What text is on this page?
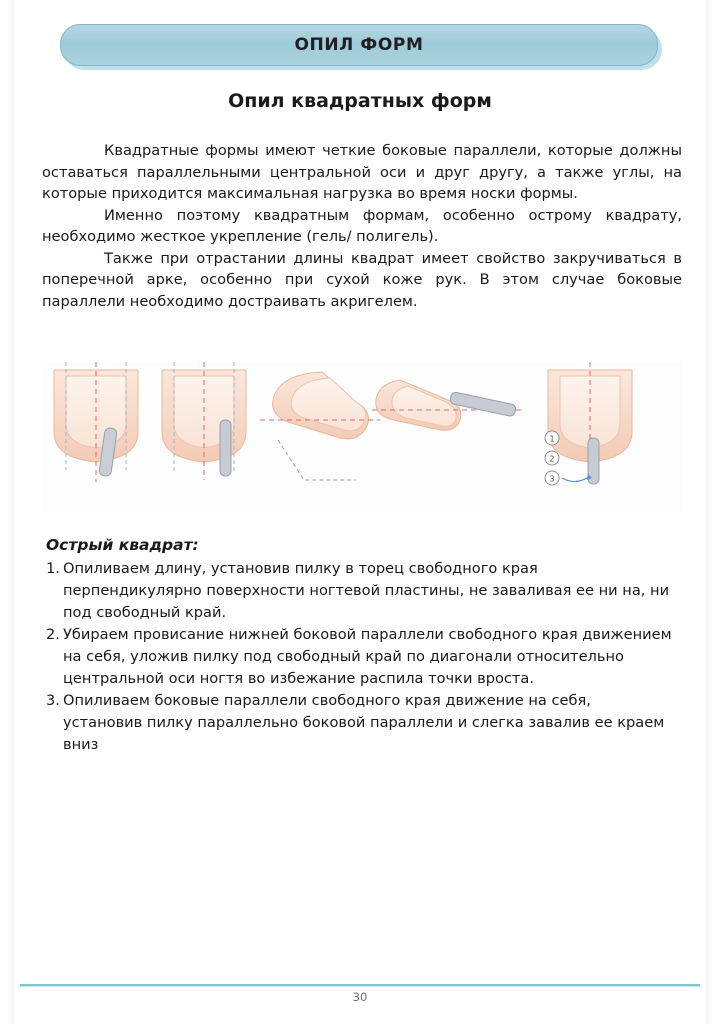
ОПИЛ ФОРМ
Опил квадратных форм

Квадратные формы имеют четкие боковые параллели, которые должны оставаться параллельными центральной оси и друг другу, а также углы, на которые приходится максимальная нагрузка во время носки формы.

Именно поэтому квадратным формам, особенно острому квадрату, необходимо жесткое укрепление (гель/ полигель).

Также при отрастании длины квадрат имеет свойство закручиваться в поперечной арке, особенно при сухой коже рук. В этом случае боковые параллели необходимо достраивать акригелем.

1
2
3
Острый квадрат:
1. Опиливаем длину, установив пилку в торец свободного края перпендикулярно поверхности ногтевой пластины, не заваливая ее ни на, ни под свободный край.
2. Убираем провисание нижней боковой параллели свободного края движением на себя, уложив пилку под свободный край по диагонали относительно центральной оси ногтя во избежание распила точки вроста.
3. Опиливаем боковые параллели свободного края движение на себя, установив пилку параллельно боковой параллели и слегка завалив ее краем вниз
30
